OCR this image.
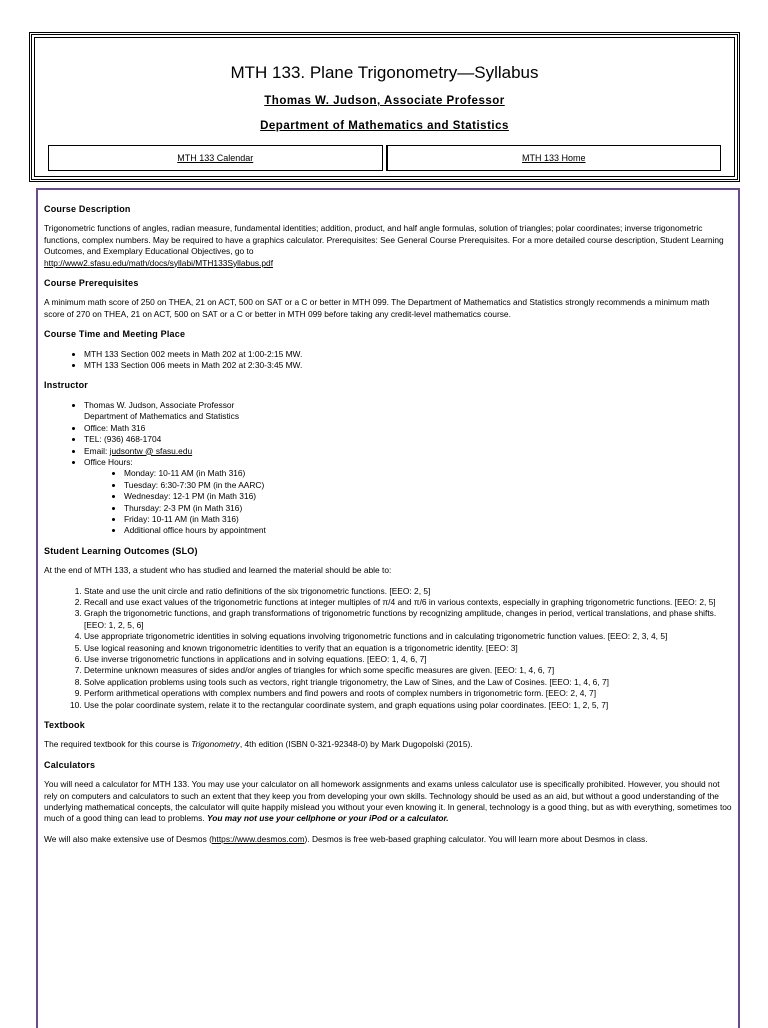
MTH 133. Plane Trigonometry—Syllabus
Thomas W. Judson, Associate Professor
Department of Mathematics and Statistics
MTH 133 Calendar	MTH 133 Home
Course Description

Trigonometric functions of angles, radian measure, fundamental identities; addition, product, and half angle formulas, solution of triangles; polar coordinates; inverse trigonometric functions, complex numbers. May be required to have a graphics calculator. Prerequisites: See General Course Prerequisites. For a more detailed course description, Student Learning Outcomes, and Exemplary Educational Objectives, go to
http://www2.sfasu.edu/math/docs/syllabi/MTH133Syllabus.pdf

Course Prerequisites

A minimum math score of 250 on THEA, 21 on ACT, 500 on SAT or a C or better in MTH 099. The Department of Mathematics and Statistics strongly recommends a minimum math score of 270 on THEA, 21 on ACT, 500 on SAT or a C or better in MTH 099 before taking any credit-level mathematics course.

Course Time and Meeting Place
• MTH 133 Section 002 meets in Math 202 at 1:00-2:15 MW.
• MTH 133 Section 006 meets in Math 202 at 2:30-3:45 MW.
Instructor
• Thomas W. Judson, Associate Professor
Department of Mathematics and Statistics
• Office: Math 316
• TEL: (936) 468-1704
• Email: judsontw @ sfasu.edu
• Office Hours:
• Monday: 10-11 AM (in Math 316)
• Tuesday: 6:30-7:30 PM (in the AARC)
• Wednesday: 12-1 PM (in Math 316)
• Thursday: 2-3 PM (in Math 316)
• Friday: 10-11 AM (in Math 316)
• Additional office hours by appointment
Student Learning Outcomes (SLO)

At the end of MTH 133, a student who has studied and learned the material should be able to:

1. State and use the unit circle and ratio definitions of the six trigonometric functions. [EEO: 2, 5]
2. Recall and use exact values of the trigonometric functions at integer multiples of π/4 and π/6 in various contexts, especially in graphing trigonometric functions. [EEO: 2, 5]
3. Graph the trigonometric functions, and graph transformations of trigonometric functions by recognizing amplitude, changes in period, vertical translations, and phase shifts. [EEO: 1, 2, 5, 6]
4. Use appropriate trigonometric identities in solving equations involving trigonometric functions and in calculating trigonometric function values. [EEO: 2, 3, 4, 5]
5. Use logical reasoning and known trigonometric identities to verify that an equation is a trigonometric identity. [EEO: 3]
6. Use inverse trigonometric functions in applications and in solving equations. [EEO: 1, 4, 6, 7]
7. Determine unknown measures of sides and/or angles of triangles for which some specific measures are given. [EEO: 1, 4, 6, 7]
8. Solve application problems using tools such as vectors, right triangle trigonometry, the Law of Sines, and the Law of Cosines. [EEO: 1, 4, 6, 7]
9. Perform arithmetical operations with complex numbers and find powers and roots of complex numbers in trigonometric form. [EEO: 2, 4, 7]
10. Use the polar coordinate system, relate it to the rectangular coordinate system, and graph equations using polar coordinates. [EEO: 1, 2, 5, 7]
Textbook

The required textbook for this course is Trigonometry, 4th edition (ISBN 0-321-92348-0) by Mark Dugopolski (2015).

Calculators

You will need a calculator for MTH 133. You may use your calculator on all homework assignments and exams unless calculator use is specifically prohibited. However, you should not rely on computers and calculators to such an extent that they keep you from developing your own skills. Technology should be used as an aid, but without a good understanding of the underlying mathematical concepts, the calculator will quite happily mislead you without your even knowing it. In general, technology is a good thing, but as with everything, sometimes too much of a good thing can lead to problems. You may not use your cellphone or your iPod or a calculator.

We will also make extensive use of Desmos (https://www.desmos.com). Desmos is free web-based graphing calculator. You will learn more about Desmos in class.
